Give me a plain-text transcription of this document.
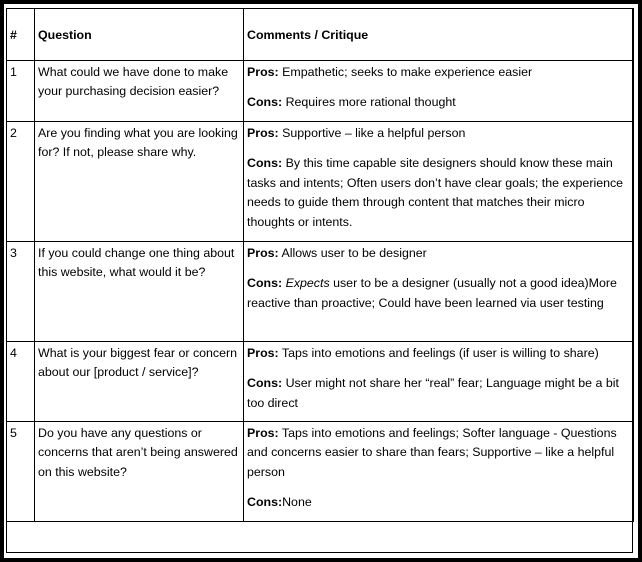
#	Question	Comments / Critique
1	What could we have done to make your purchasing decision easier?	Pros: Empathetic; seeks to make experience easier

Cons: Requires more rational thought

2	Are you finding what you are looking for? If not, please share why.	Pros: Supportive – like a helpful person

Cons: By this time capable site designers should know these main tasks and intents; Often users don’t have clear goals; the experience needs to guide them through content that matches their micro thoughts or intents.

3	If you could change one thing about this website, what would it be?	Pros: Allows user to be designer

Cons: Expects user to be a designer (usually not a good idea)More reactive than proactive; Could have been learned via user testing

4	What is your biggest fear or concern about our [product / service]?	Pros: Taps into emotions and feelings (if user is willing to share)

Cons: User might not share her “real” fear; Language might be a bit too direct

5	Do you have any questions or concerns that aren’t being answered on this website?	Pros: Taps into emotions and feelings; Softer language - Questions and concerns easier to share than fears; Supportive – like a helpful person

Cons:None
